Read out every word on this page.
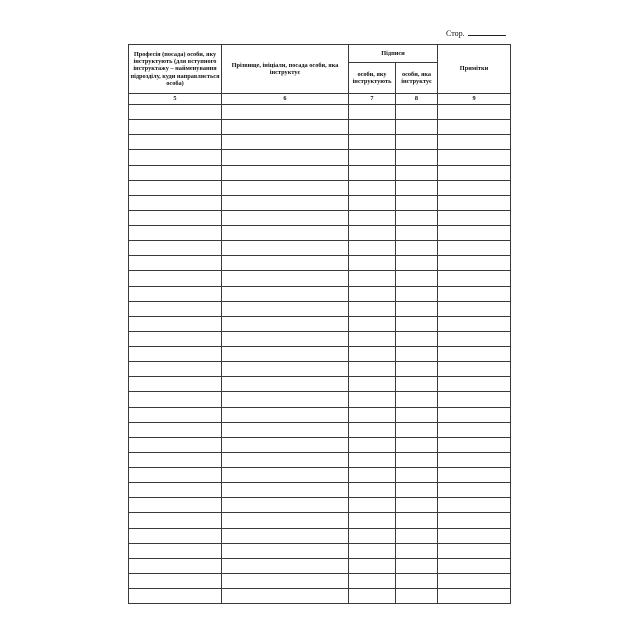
Стор.
Професія (посада) особи, яку інструктують (для вступного інструктажу – найменування підрозділу, куди направляється особа)	Прізвище, ініціали, посада особи, яка інструктує	Підписи		Примітки
		особи, яку інструктують	особи, яка інструктує	
5	6	7	8	9
